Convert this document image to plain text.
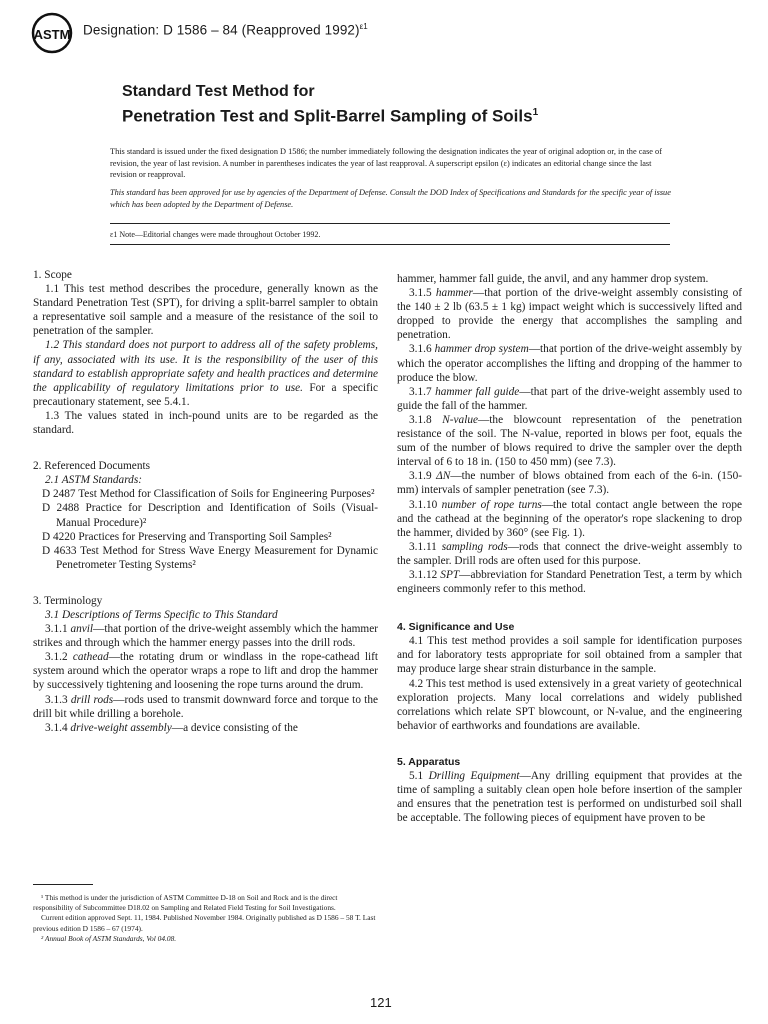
ASTM Designation: D 1586 – 84 (Reapproved 1992)$^{\varepsilon 1}$
Standard Test Method for
Penetration Test and Split-Barrel Sampling of Soils$^1$
This standard is issued under the fixed designation D 1586; the number immediately following the designation indicates the year of original adoption or, in the case of revision, the year of last revision. A number in parentheses indicates the year of last reapproval. A superscript epsilon (ε) indicates an editorial change since the last revision or reapproval.
This standard has been approved for use by agencies of the Department of Defense. Consult the DOD Index of Specifications and Standards for the specific year of issue which has been adopted by the Department of Defense.
ε1 Note—Editorial changes were made throughout October 1992.
1. Scope

1.1 This test method describes the procedure, generally known as the Standard Penetration Test (SPT), for driving a split-barrel sampler to obtain a representative soil sample and a measure of the resistance of the soil to penetration of the sampler.

1.2 This standard does not purport to address all of the safety problems, if any, associated with its use. It is the responsibility of the user of this standard to establish appropriate safety and health practices and determine the applicability of regulatory limitations prior to use. For a specific precautionary statement, see 5.4.1.

1.3 The values stated in inch-pound units are to be regarded as the standard.

2. Referenced Documents

2.1 ASTM Standards:

D 2487 Test Method for Classification of Soils for Engineering Purposes²

D 2488 Practice for Description and Identification of Soils (Visual-Manual Procedure)²

D 4220 Practices for Preserving and Transporting Soil Samples²

D 4633 Test Method for Stress Wave Energy Measurement for Dynamic Penetrometer Testing Systems²

3. Terminology

3.1 Descriptions of Terms Specific to This Standard

3.1.1 anvil—that portion of the drive-weight assembly which the hammer strikes and through which the hammer energy passes into the drill rods.

3.1.2 cathead—the rotating drum or windlass in the rope-cathead lift system around which the operator wraps a rope to lift and drop the hammer by successively tightening and loosening the rope turns around the drum.

3.1.3 drill rods—rods used to transmit downward force and torque to the drill bit while drilling a borehole.

3.1.4 drive-weight assembly—a device consisting of the

hammer, hammer fall guide, the anvil, and any hammer drop system.

3.1.5 hammer—that portion of the drive-weight assembly consisting of the 140 ± 2 lb (63.5 ± 1 kg) impact weight which is successively lifted and dropped to provide the energy that accomplishes the sampling and penetration.

3.1.6 hammer drop system—that portion of the drive-weight assembly by which the operator accomplishes the lifting and dropping of the hammer to produce the blow.

3.1.7 hammer fall guide—that part of the drive-weight assembly used to guide the fall of the hammer.

3.1.8 N-value—the blowcount representation of the penetration resistance of the soil. The N-value, reported in blows per foot, equals the sum of the number of blows required to drive the sampler over the depth interval of 6 to 18 in. (150 to 450 mm) (see 7.3).

3.1.9 ΔN—the number of blows obtained from each of the 6-in. (150-mm) intervals of sampler penetration (see 7.3).

3.1.10 number of rope turns—the total contact angle between the rope and the cathead at the beginning of the operator's rope slackening to drop the hammer, divided by 360° (see Fig. 1).

3.1.11 sampling rods—rods that connect the drive-weight assembly to the sampler. Drill rods are often used for this purpose.

3.1.12 SPT—abbreviation for Standard Penetration Test, a term by which engineers commonly refer to this method.

4. Significance and Use

4.1 This test method provides a soil sample for identification purposes and for laboratory tests appropriate for soil obtained from a sampler that may produce large shear strain disturbance in the sample.

4.2 This test method is used extensively in a great variety of geotechnical exploration projects. Many local correlations and widely published correlations which relate SPT blowcount, or N-value, and the engineering behavior of earthworks and foundations are available.

5. Apparatus

5.1 Drilling Equipment—Any drilling equipment that provides at the time of sampling a suitably clean open hole before insertion of the sampler and ensures that the penetration test is performed on undisturbed soil shall be acceptable. The following pieces of equipment have proven to be

¹ This method is under the jurisdiction of ASTM Committee D-18 on Soil and Rock and is the direct responsibility of Subcommittee D18.02 on Sampling and Related Field Testing for Soil Investigations.

Current edition approved Sept. 11, 1984. Published November 1984. Originally published as D 1586 – 58 T. Last previous edition D 1586 – 67 (1974).

² Annual Book of ASTM Standards, Vol 04.08.

121
